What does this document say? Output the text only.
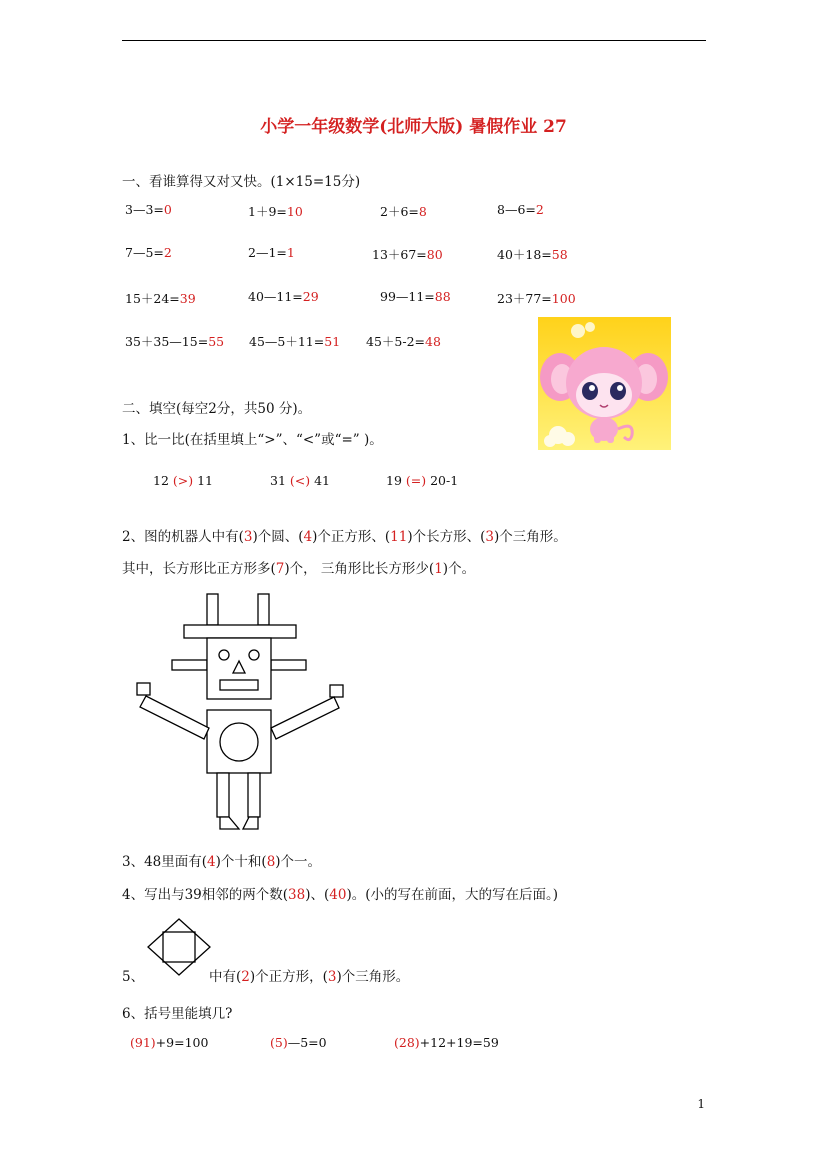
小学一年级数学(北师大版) 暑假作业 27
一、看谁算得又对又快。(1×15=15分)
3—3=0	1＋9=10	2＋6=8	8—6=2
7—5=2	2—1=1	13＋67=80	40＋18=58
15＋24=39	40—11=29	99—11=88	23＋77=100
35＋35—15=55 45—5＋11=51 45＋5-2=48
二、填空(每空2分，共50 分)。
1、比一比(在括里填上“>”、“<”或“=” )。
12 (>) 11	31 (<) 41	19 (=) 20-1
2、图的机器人中有(3)个圆、(4)个正方形、(11)个长方形、(3)个三角形。
其中，长方形比正方形多(7)个， 三角形比长方形少(1)个。
3、48里面有(4)个十和(8)个一。
4、写出与39相邻的两个数(38)、(40)。(小的写在前面，大的写在后面。)
5、	中有(2)个正方形，(3)个三角形。
6、括号里能填几?
(91)+9=100	(5)—5=0	(28)+12+19=59
1
